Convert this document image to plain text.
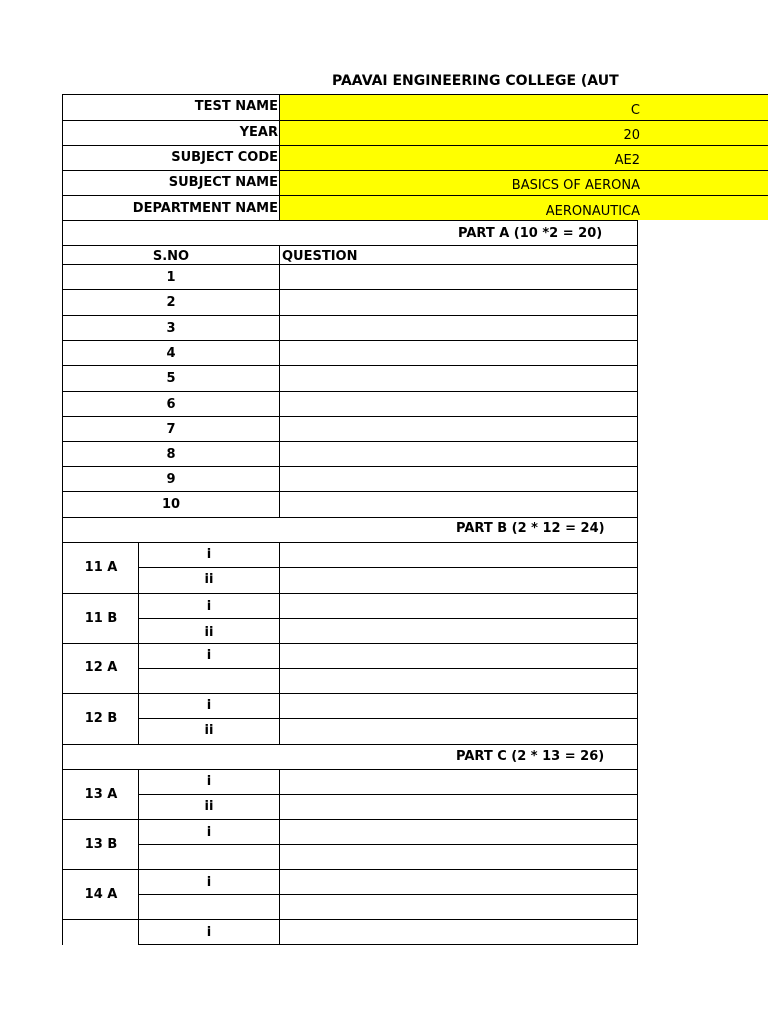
PAAVAI ENGINEERING COLLEGE (AUT
TEST NAME
YEAR
SUBJECT CODE
SUBJECT NAME
DEPARTMENT NAME
C
20
AE2
BASICS OF AERONA
AERONAUTICA
PART A (10 *2 = 20)
S.NO	QUESTION
1
2
3
4
5
6
7
8
9
10
PART B (2 * 12 = 24)
11 A
i
ii
11 B
i
ii
12 A
i
12 B
i
ii
PART C (2 * 13 = 26)
13 A
i
ii
13 B
i
14 A
i
i
